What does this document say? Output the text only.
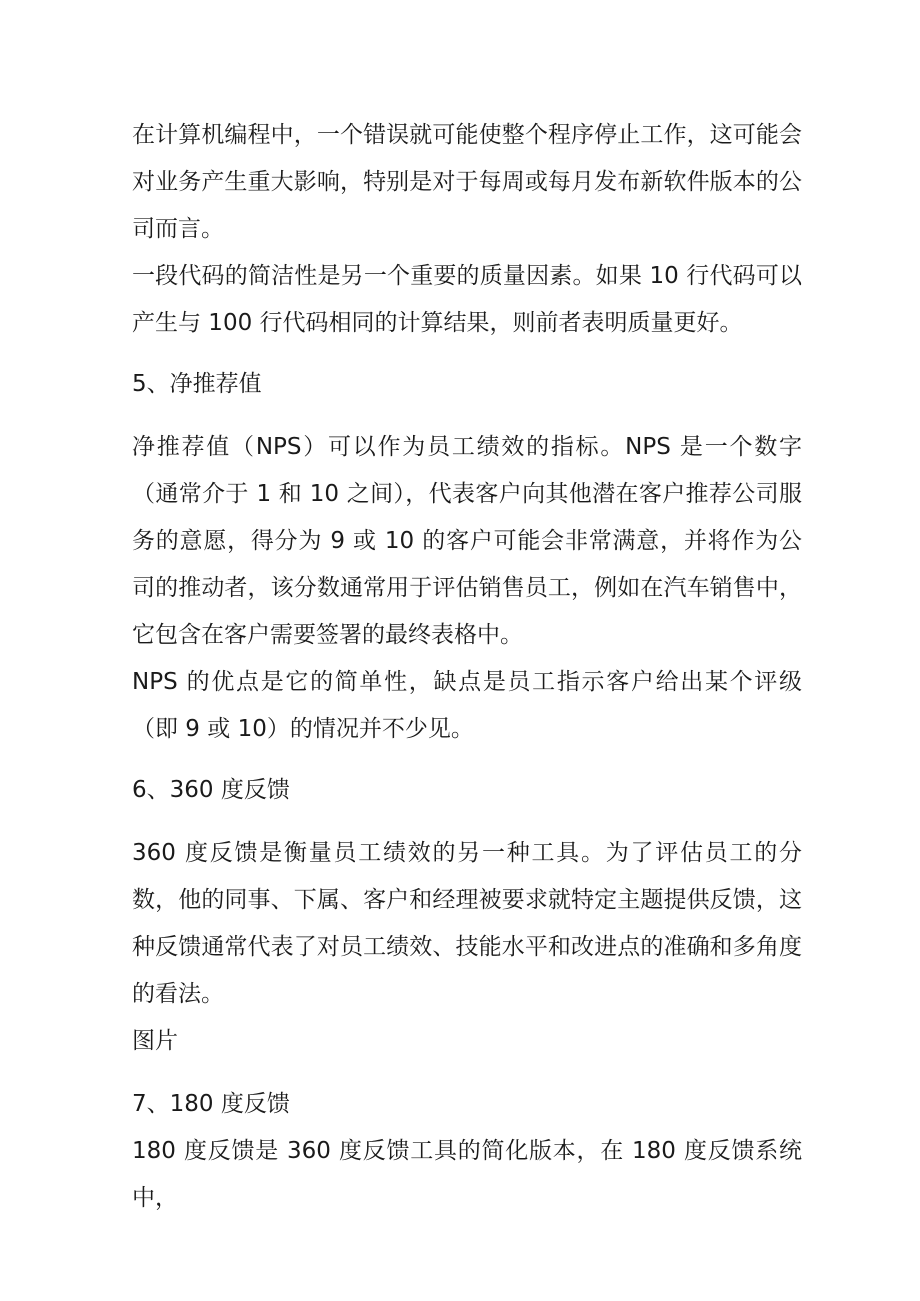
在计算机编程中，一个错误就可能使整个程序停止工作，这可能会对业务产生重大影响，特别是对于每周或每月发布新软件版本的公司而言。

一段代码的简洁性是另一个重要的质量因素。如果 10 行代码可以产生与 100 行代码相同的计算结果，则前者表明质量更好。

5、净推荐值

净推荐值（NPS）可以作为员工绩效的指标。NPS 是一个数字（通常介于 1 和 10 之间），代表客户向其他潜在客户推荐公司服务的意愿，得分为 9 或 10 的客户可能会非常满意，并将作为公司的推动者，该分数通常用于评估销售员工，例如在汽车销售中，它包含在客户需要签署的最终表格中。

NPS 的优点是它的简单性，缺点是员工指示客户给出某个评级（即 9 或 10）的情况并不少见。

6、360 度反馈

360 度反馈是衡量员工绩效的另一种工具。为了评估员工的分数，他的同事、下属、客户和经理被要求就特定主题提供反馈，这种反馈通常代表了对员工绩效、技能水平和改进点的准确和多角度的看法。

图片

7、180 度反馈

180 度反馈是 360 度反馈工具的简化版本，在 180 度反馈系统中，
